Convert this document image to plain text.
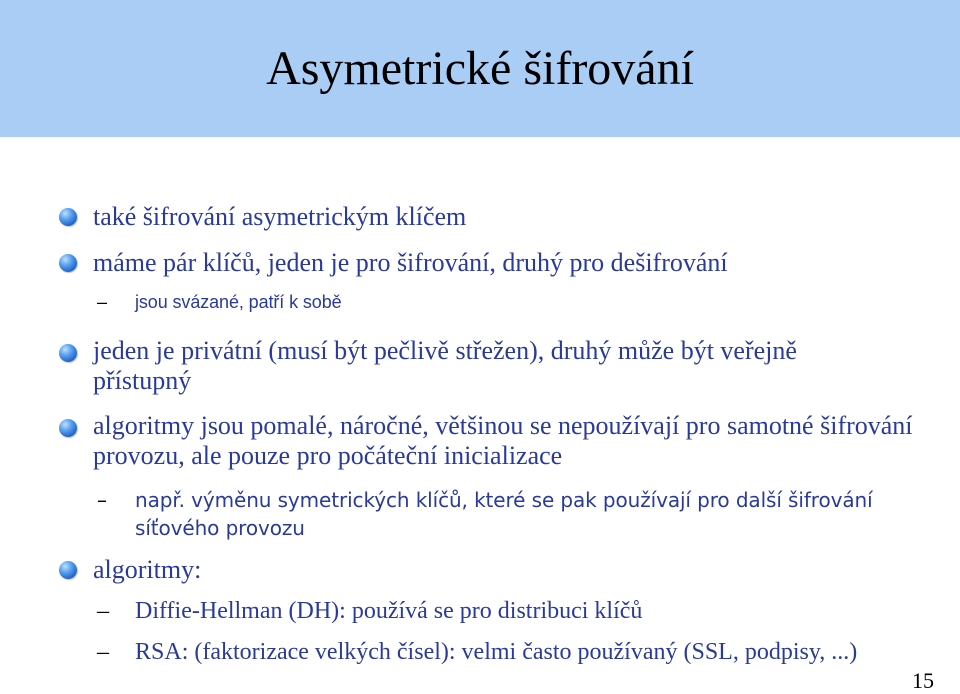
Asymetrické šifrování
také šifrování asymetrickým klíčem
máme pár klíčů, jeden je pro šifrování, druhý pro dešifrování
– jsou svázané, patří k sobě
jeden je privátní (musí být pečlivě střežen), druhý může být veřejně přístupný
algoritmy jsou pomalé, náročné, většinou se nepoužívají pro samotné šifrování provozu, ale pouze pro počáteční inicializace
– např. výměnu symetrických klíčů, které se pak používají pro další šifrování síťového provozu
algoritmy:
– Diffie-Hellman (DH): používá se pro distribuci klíčů
– RSA: (faktorizace velkých čísel): velmi často používaný (SSL, podpisy, ...)
15
